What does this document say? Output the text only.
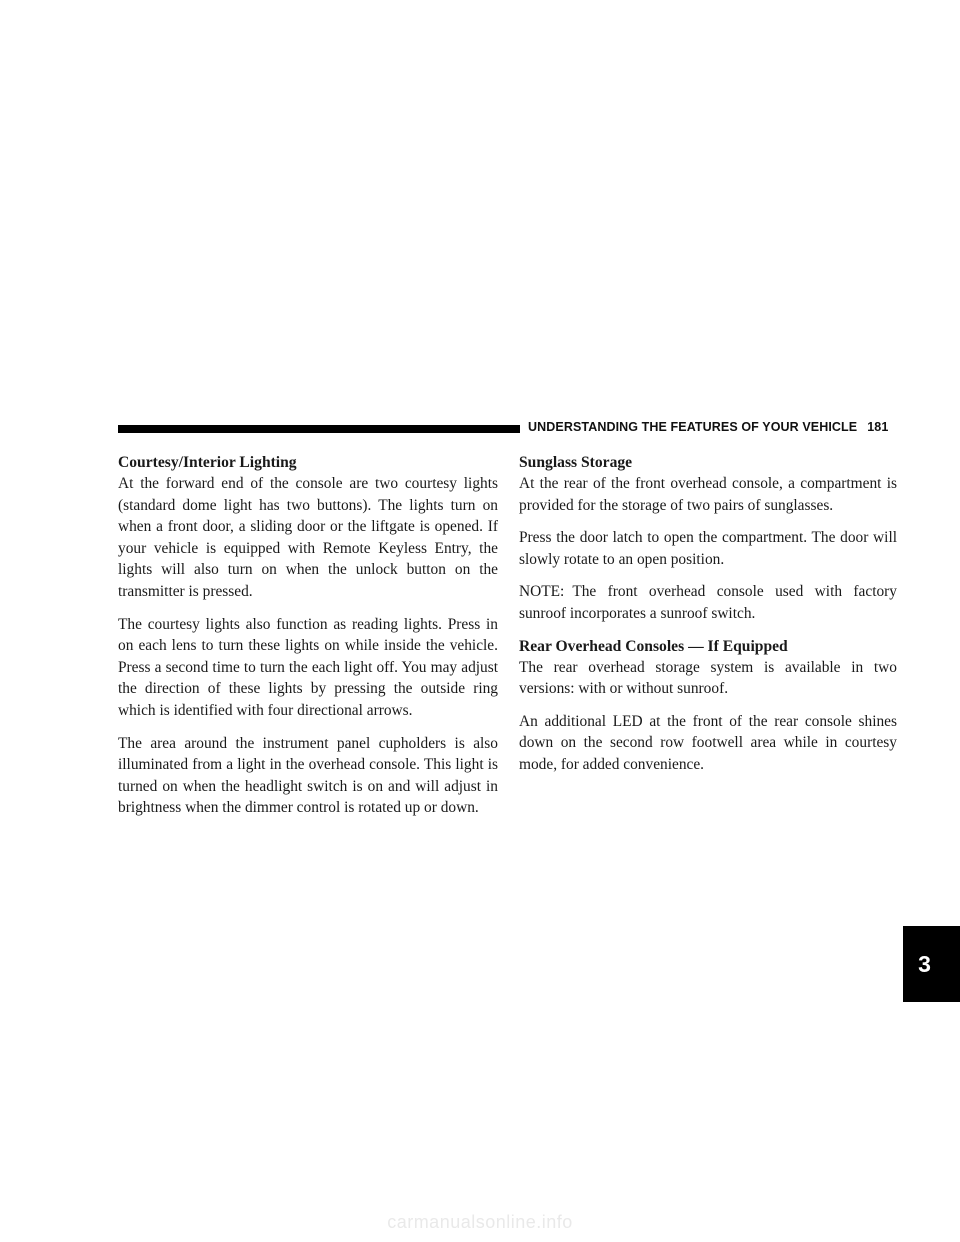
UNDERSTANDING THE FEATURES OF YOUR VEHICLE 181
Courtesy/Interior Lighting

At the forward end of the console are two courtesy lights (standard dome light has two buttons). The lights turn on when a front door, a sliding door or the liftgate is opened. If your vehicle is equipped with Remote Keyless Entry, the lights will also turn on when the unlock button on the transmitter is pressed.

The courtesy lights also function as reading lights. Press in on each lens to turn these lights on while inside the vehicle. Press a second time to turn the each light off. You may adjust the direction of these lights by pressing the outside ring which is identified with four directional arrows.

The area around the instrument panel cupholders is also illuminated from a light in the overhead console. This light is turned on when the headlight switch is on and will adjust in brightness when the dimmer control is rotated up or down.

Sunglass Storage

At the rear of the front overhead console, a compartment is provided for the storage of two pairs of sunglasses.

Press the door latch to open the compartment. The door will slowly rotate to an open position.

NOTE: The front overhead console used with factory sunroof incorporates a sunroof switch.

Rear Overhead Consoles — If Equipped

The rear overhead storage system is available in two versions: with or without sunroof.

An additional LED at the front of the rear console shines down on the second row footwell area while in courtesy mode, for added convenience.

3
carmanualsonline.info
